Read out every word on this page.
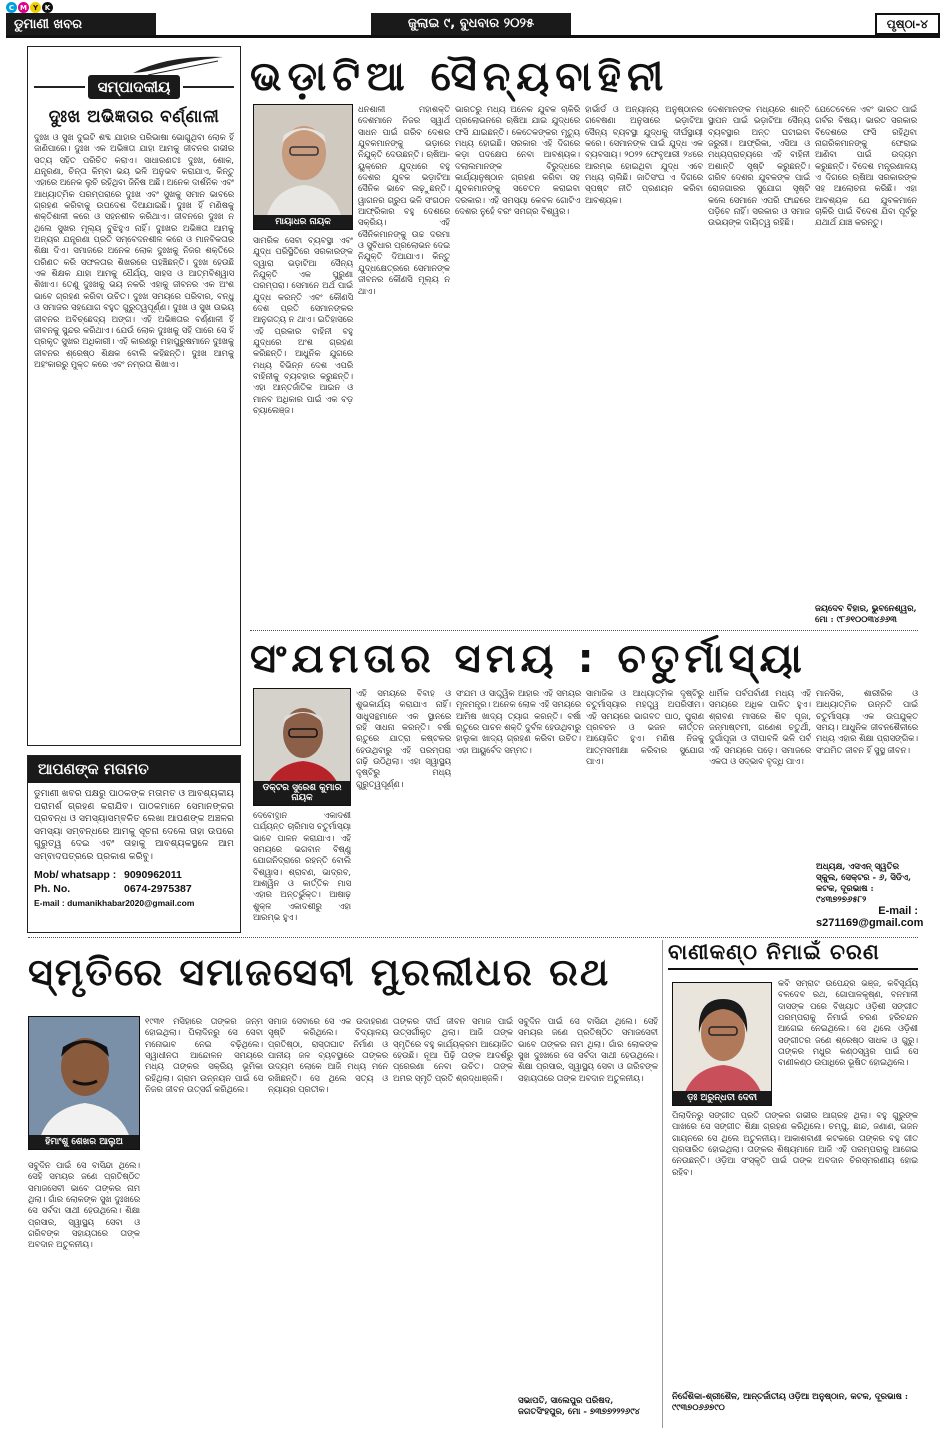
C M Y K
ଡୁମାଣୀ ଖବର	ଜୁଲାଇ ୯, ବୁଧବାର ୨୦୨୫	ପୃଷ୍ଠା-୪
ସମ୍ପାଦକୀୟ
ଦୁଃଖ ଅଭିଜ୍ଞତାର ବର୍ଣ୍ଣାଳୀ
ଦୁଃଖ ଓ ସୁଖ ଦୁଇଟି ଶବ୍ଦ ଯାହାର ପରିଭାଷା ଭୋଗୁଥିବା ଲୋକ ହିଁ ଜାଣିପାରେ। ଦୁଃଖ ଏକ ଅଭିଜ୍ଞତା ଯାହା ଆମକୁ ଜୀବନର ଗଭୀର ସତ୍ୟ ସହିତ ପରିଚିତ କରାଏ। ସାଧାରଣତଃ ଦୁଃଖ, ଶୋକ, ଯନ୍ତ୍ରଣା, ଚିନ୍ତା କିମ୍ବା ଭୟ ଭଳି ଅନୁଭବ କରାଯାଏ, କିନ୍ତୁ ଏହାରେ ଅନେକ ଲୁଚି ରହିଥିବା ଜିନିଷ ଅଛି। ଅନେକ ଦାର୍ଶନିକ ଏବଂ ଆଧ୍ୟାତ୍ମିକ ପରମ୍ପରାରେ ଦୁଃଖ ଏବଂ ସୁଖକୁ ସମାନ ଭାବରେ ଗ୍ରହଣ କରିବାକୁ ଉପଦେଶ ଦିଆଯାଇଛି। ଦୁଃଖ ହିଁ ମଣିଷକୁ ଶକ୍ତିଶାଳୀ କରେ ଓ ସହନଶୀଳ କରିଥାଏ। ଜୀବନରେ ଦୁଃଖ ନ ଥିଲେ ସୁଖର ମୂଲ୍ୟ ବୁଝିହୁଏ ନାହିଁ। ଦୁଃଖର ଅଭିଜ୍ଞତା ଆମକୁ ଅନ୍ୟର ଯନ୍ତ୍ରଣା ପ୍ରତି ସମ୍ବେଦନଶୀଳ କରେ ଓ ମାନବିକତାର ଶିକ୍ଷା ଦିଏ। ସମାଜରେ ଅନେକ ଲୋକ ଦୁଃଖକୁ ନିଜର ଶକ୍ତିରେ ପରିଣତ କରି ସଫଳତାର ଶିଖରରେ ପହଞ୍ଚିଛନ୍ତି। ଦୁଃଖ ହେଉଛି ଏକ ଶିକ୍ଷକ ଯାହା ଆମକୁ ଧୈର୍ଯ୍ୟ, ସାହସ ଓ ଆତ୍ମବିଶ୍ୱାସ ଶିଖାଏ। ତେଣୁ ଦୁଃଖକୁ ଭୟ ନକରି ଏହାକୁ ଜୀବନର ଏକ ଅଂଶ ଭାବେ ଗ୍ରହଣ କରିବା ଉଚିତ। ଦୁଃଖ ସମୟରେ ପରିବାର, ବନ୍ଧୁ ଓ ସମାଜର ସହଯୋଗ ବହୁତ ଗୁରୁତ୍ୱପୂର୍ଣ୍ଣ। ଦୁଃଖ ଓ ସୁଖ ଉଭୟ ଜୀବନର ଅବିଚ୍ଛେଦ୍ୟ ଅଙ୍ଗ। ଏହି ଅଭିଜ୍ଞତାର ବର୍ଣ୍ଣାଳୀ ହିଁ ଜୀବନକୁ ସୁନ୍ଦର କରିଥାଏ। ଯେଉଁ ଲୋକ ଦୁଃଖକୁ ସହି ପାରେ ସେ ହିଁ ପ୍ରକୃତ ସୁଖର ଅଧିକାରୀ। ଏହି କାରଣରୁ ମହାପୁରୁଷମାନେ ଦୁଃଖକୁ ଜୀବନର ଶ୍ରେଷ୍ଠ ଶିକ୍ଷକ ବୋଲି କହିଛନ୍ତି। ଦୁଃଖ ଆମକୁ ଅହଂକାରରୁ ମୁକ୍ତ କରେ ଏବଂ ନମ୍ରତା ଶିଖାଏ।
ଆପଣଙ୍କ ମତାମତ
ଡୁମାଣୀ ଖବର ପକ୍ଷରୁ ପାଠକଙ୍କ ମତାମତ ଓ ଆବଶ୍ୟକୀୟ ପରାମର୍ଶ ଗ୍ରହଣ କରାଯିବ। ପାଠକମାନେ ସେମାନଙ୍କର ପ୍ରବନ୍ଧ ଓ ସମସ୍ୟାସମ୍ବଳିତ ଲେଖା ଆପଣଙ୍କ ଅଞ୍ଚଳର ସମସ୍ୟା ସମ୍ବନ୍ଧରେ ଆମକୁ ସୂଚନା ଦେଲେ ତାହା ଉପରେ ଗୁରୁତ୍ୱ ଦେଇ ଏବଂ ତାହାକୁ ଆବଶ୍ୟକସ୍ଥଳେ ଆମ ସମ୍ବାଦପତ୍ରରେ ପ୍ରକାଶ କରିବୁ।
Mob/ whatsapp : 9090962011
Ph. No.	0674-2975387
E-mail : dumanikhabar2020@gmail.com
ଭଡ଼ାଟିଆ ସୈନ୍ୟବାହିନୀ
ମାୟାଧର ନାୟକ
ସାମରିକ ସେବା ବ୍ୟବସ୍ଥା ଏବଂ ଯୁଦ୍ଧ ପରିସ୍ଥିତିରେ ସରକାରଙ୍କ ଦ୍ୱାରା ଭଡ଼ାଟିଆ ସୈନ୍ୟ ନିଯୁକ୍ତି ଏକ ପୁରୁଣା ପରମ୍ପରା। ସେମାନେ ଅର୍ଥ ପାଇଁ ଯୁଦ୍ଧ କରନ୍ତି ଏବଂ କୌଣସି ଦେଶ ପ୍ରତି ସେମାନଙ୍କର ଆନୁଗତ୍ୟ ନ ଥାଏ। ଇତିହାସରେ ଏହି ପ୍ରକାର ବାହିନୀ ବହୁ ଯୁଦ୍ଧରେ ଅଂଶ ଗ୍ରହଣ କରିଛନ୍ତି। ଆଧୁନିକ ଯୁଗରେ ମଧ୍ୟ ବିଭିନ୍ନ ଦେଶ ଏପରି ବାହିନୀକୁ ବ୍ୟବହାର କରୁଛନ୍ତି। ଏହା ଆନ୍ତର୍ଜାତିକ ଆଇନ ଓ ମାନବ ଅଧିକାର ପାଇଁ ଏକ ବଡ଼ ଚ୍ୟାଲେଞ୍ଜ।
ଧନଶାଳୀ ମହାଶକ୍ତି ଦେଶମାନେ ନିଜର ସ୍ୱାର୍ଥ ସାଧନ ପାଇଁ ଗରିବ ଦେଶର ଯୁବକମାନଙ୍କୁ ଭଡ଼ାରେ ନିଯୁକ୍ତି ଦେଉଛନ୍ତି। ଋଷିଆ-ୟୁକ୍ରେନ ଯୁଦ୍ଧରେ ବହୁ ଦେଶର ଯୁବକ ଭଡ଼ାଟିଆ ସୈନିକ ଭାବେ ଲଢ଼ୁଛନ୍ତି। ୱାଗନର ଗ୍ରୁପ ଭଳି ସଂଗଠନ ଆଫ୍ରିକାର ବହୁ ଦେଶରେ ସକ୍ରିୟ। ଏହି ସୈନିକମାନଙ୍କୁ ଉଚ୍ଚ ଦରମା ଓ ସୁବିଧାର ପ୍ରଲୋଭନ ଦେଇ ନିଯୁକ୍ତି ଦିଆଯାଏ। କିନ୍ତୁ ଯୁଦ୍ଧକ୍ଷେତ୍ରରେ ସେମାନଙ୍କ ଜୀବନର କୌଣସି ମୂଲ୍ୟ ନ ଥାଏ।
ଭାରତରୁ ମଧ୍ୟ ଅନେକ ଯୁବକ ଚାକିରି ପ୍ରଲୋଭନରେ ଋଷିଆ ଯାଇ ଯୁଦ୍ଧରେ ଫସି ଯାଇଛନ୍ତି। କେତେକଙ୍କର ମୃତ୍ୟୁ ମଧ୍ୟ ହୋଇଛି। ସରକାର ଏହି ଦିଗରେ କଡ଼ା ପଦକ୍ଷେପ ନେବା ଆବଶ୍ୟକ। ଦଲାଲମାନଙ୍କ ବିରୁଦ୍ଧରେ କାର୍ଯ୍ୟାନୁଷ୍ଠାନ ଗ୍ରହଣ କରିବା ସହ ଯୁବକମାନଙ୍କୁ ସଚେତନ କରାଇବା ଦରକାର। ଏହି ସମସ୍ୟା କେବଳ ଗୋଟିଏ ଦେଶର ନୁହେଁ ବରଂ ସମଗ୍ର ବିଶ୍ୱର।
ହାର୍ଭାର୍ଡ ଓ ଅନ୍ୟାନ୍ୟ ଅନୁଷ୍ଠାନର ଗବେଷଣା ଅନୁସାରେ ଭଡ଼ାଟିଆ ସୈନ୍ୟ ବ୍ୟବସ୍ଥା ଯୁଦ୍ଧକୁ ଦୀର୍ଘସ୍ଥାୟୀ କରେ। ସେମାନଙ୍କ ପାଇଁ ଯୁଦ୍ଧ ଏକ ବ୍ୟବସାୟ। ୨୦୨୨ ଫେବୃଆରୀ ୨୪ରେ ଆରମ୍ଭ ହୋଇଥିବା ଯୁଦ୍ଧ ଏବେ ମଧ୍ୟ ଚାଲିଛି। ଜାତିସଂଘ ଏ ଦିଗରେ ସ୍ପଷ୍ଟ ନୀତି ପ୍ରଣୟନ କରିବା ଆବଶ୍ୟକ।
ଦେଶମାନଙ୍କ ମଧ୍ୟରେ ଶାନ୍ତି ସ୍ଥାପନ ପାଇଁ ଭଡ଼ାଟିଆ ସୈନ୍ୟ ବ୍ୟବସ୍ଥାର ଅନ୍ତ ଘଟାଇବା ଜରୁରୀ। ଆଫ୍ରିକା, ଏସିଆ ଓ ମଧ୍ୟପ୍ରାଚ୍ୟରେ ଏହି ବାହିନୀ ଅଶାନ୍ତି ସୃଷ୍ଟି କରୁଛନ୍ତି। ଗରିବ ଦେଶର ଯୁବକଙ୍କ ପାଇଁ ରୋଜଗାରର ସୁଯୋଗ ସୃଷ୍ଟି କଲେ ସେମାନେ ଏପରି ଫାନ୍ଦରେ ପଡ଼ିବେ ନାହିଁ। ସରକାର ଓ ସମାଜ ଉଭୟଙ୍କ ଦାୟିତ୍ୱ ରହିଛି।
ଯେତେବେଳେ ଏବଂ ଭାରତ ପାଇଁ ଗର୍ବର ବିଷୟ। ଭାରତ ସରକାର ବିଦେଶରେ ଫସି ରହିଥିବା ନାଗରିକମାନଙ୍କୁ ଫେରାଇ ଆଣିବା ପାଇଁ ଉଦ୍ୟମ କରୁଛନ୍ତି। ବିଦେଶ ମନ୍ତ୍ରଣାଳୟ ଏ ଦିଗରେ ଋଷିଆ ସରକାରଙ୍କ ସହ ଆଲୋଚନା କରିଛି। ଏହା ଆବଶ୍ୟକ ଯେ ଯୁବକମାନେ ଚାକିରି ପାଇଁ ବିଦେଶ ଯିବା ପୂର୍ବରୁ ଯଥାର୍ଥ ଯାଞ୍ଚ କରନ୍ତୁ।
ଜୟଦେବ ବିହାର, ଭୁବନେଶ୍ୱର, ମୋ : ୯୮୬୧୦୦୩୪୬୬୩
ସଂଯମତାର ସମୟ : ଚତୁର୍ମାସ୍ୟା
ଡକ୍ଟର ସୁରେଶ କୁମାର ନାୟକ
ଦେବୋତ୍ଥାନ ଏକାଦଶୀ ପର୍ଯ୍ୟନ୍ତ ଚାରିମାସ ଚତୁର୍ମାସ୍ୟା ଭାବେ ପାଳନ କରାଯାଏ। ଏହି ସମୟରେ ଭଗବାନ ବିଷ୍ଣୁ ଯୋଗନିଦ୍ରାରେ ରହନ୍ତି ବୋଲି ବିଶ୍ୱାସ। ଶ୍ରାବଣ, ଭାଦ୍ରବ, ଆଶ୍ୱିନ ଓ କାର୍ତ୍ତିକ ମାସ ଏହାର ଅନ୍ତର୍ଭୁକ୍ତ। ଆଷାଢ଼ ଶୁକ୍ଳ ଏକାଦଶୀରୁ ଏହା ଆରମ୍ଭ ହୁଏ।
ଏହି ସମୟରେ ବିବାହ ଓ ଶୁଭକାର୍ଯ୍ୟ କରାଯାଏ ନାହିଁ। ସାଧୁସନ୍ଥମାନେ ଏକ ସ୍ଥାନରେ ରହି ସାଧନା କରନ୍ତି। ବର୍ଷା ଋତୁରେ ଯାତ୍ରା କଷ୍ଟକର ହେଉଥିବାରୁ ଏହି ପରମ୍ପରା ଗଢ଼ି ଉଠିଥିଲା। ଏହା ସ୍ୱାସ୍ଥ୍ୟ ଦୃଷ୍ଟିରୁ ମଧ୍ୟ ଗୁରୁତ୍ୱପୂର୍ଣ୍ଣ।
ସଂଯମ ଓ ସାତ୍ତ୍ୱିକ ଆହାର ଏହି ସମୟର ମୂଳମନ୍ତ୍ର। ଅନେକ ଲୋକ ଏହି ସମୟରେ ଆମିଷ ଖାଦ୍ୟ ତ୍ୟାଗ କରନ୍ତି। ବର୍ଷା ଋତୁରେ ପାଚନ ଶକ୍ତି ଦୁର୍ବଳ ହେଉଥିବାରୁ ହାଲୁକା ଖାଦ୍ୟ ଗ୍ରହଣ କରିବା ଉଚିତ। ଏହା ଆୟୁର୍ବେଦ ସମ୍ମତ।
ସାମାଜିକ ଓ ଆଧ୍ୟାତ୍ମିକ ଦୃଷ୍ଟିରୁ ଚତୁର୍ମାସ୍ୟାର ମହତ୍ତ୍ୱ ଅପରିସୀମ। ଏହି ସମୟରେ ଭାଗବତ ପାଠ, ପୁରାଣ ପ୍ରବଚନ ଓ ଭଜନ କୀର୍ତ୍ତନ ଆୟୋଜିତ ହୁଏ। ମଣିଷ ନିଜକୁ ଆତ୍ମସମୀକ୍ଷା କରିବାର ସୁଯୋଗ ପାଏ।
ଧାର୍ମିକ ପର୍ବପର୍ବାଣୀ ମଧ୍ୟ ଏହି ସମୟରେ ଅଧିକ ପାଳିତ ହୁଏ। ଶ୍ରାବଣ ମାସରେ ଶିବ ପୂଜା, ଜନ୍ମାଷ୍ଟମୀ, ଗଣେଶ ଚତୁର୍ଥୀ, ଦୁର୍ଗାପୂଜା ଓ ଦୀପାବଳି ଭଳି ପର୍ବ ଏହି ସମୟରେ ପଡ଼େ। ସମାଜରେ ଏକତା ଓ ସଦ୍ଭାବ ବୃଦ୍ଧି ପାଏ।
ମାନସିକ, ଶାରୀରିକ ଓ ଆଧ୍ୟାତ୍ମିକ ଉନ୍ନତି ପାଇଁ ଚତୁର୍ମାସ୍ୟା ଏକ ଉପଯୁକ୍ତ ସମୟ। ଆଧୁନିକ ଜୀବନଶୈଳୀରେ ମଧ୍ୟ ଏହାର ଶିକ୍ଷା ପ୍ରାସଙ୍ଗିକ। ସଂଯମିତ ଜୀବନ ହିଁ ସୁସ୍ଥ ଜୀବନ।
ଅଧ୍ୟକ୍ଷ, ଏସଏନ୍ ସ୍ୱତିର ସ୍କୁଲ, ସେକ୍ଟର - ୬, ସିଡିଏ, କଟକ, ଦୂରଭାଷ : ୯୪୩୭୨୭୬୫୮୨
E-mail :
s271169@gmail.com
ସ୍ମୃତିରେ ସମାଜସେବୀ ମୁରଲୀଧର ରଥ
ହିମାଂଶୁ ଶେଖର ଆଲୁଅ
ସବୁଦିନ ପାଇଁ ସେ ବାସିନ୍ଦା ଥିଲେ। ସେହି ସମୟର ଜଣେ ପ୍ରତିଷ୍ଠିତ ସମାଜସେବୀ ଭାବେ ତାଙ୍କର ନାମ ଥିଲା। ଗାଁର ଲୋକଙ୍କ ସୁଖ ଦୁଃଖରେ ସେ ସର୍ବଦା ସାଥୀ ହେଉଥିଲେ। ଶିକ୍ଷା ପ୍ରସାର, ସ୍ୱାସ୍ଥ୍ୟ ସେବା ଓ ଗରିବଙ୍କ ସହାୟତାରେ ତାଙ୍କ ଅବଦାନ ଅତୁଳନୀୟ।
୧୯୩୧ ମସିହାରେ ତାଙ୍କର ଜନ୍ମ ହୋଇଥିଲା। ପିଲାଦିନରୁ ସେ ସେବା ମନୋଭାବ ନେଇ ବଢ଼ିଥିଲେ। ସ୍ୱାଧୀନତା ଆନ୍ଦୋଳନ ସମୟରେ ମଧ୍ୟ ତାଙ୍କର ସକ୍ରିୟ ଭୂମିକା ରହିଥିଲା। ଗ୍ରାମ ଉନ୍ନୟନ ପାଇଁ ସେ ନିଜର ଜୀବନ ଉତ୍ସର୍ଗ କରିଥିଲେ।
ସମାଜ ସେବାରେ ସେ ଏକ ଉଦାହରଣ ସୃଷ୍ଟି କରିଥିଲେ। ବିଦ୍ୟାଳୟ ପ୍ରତିଷ୍ଠା, ରାସ୍ତାଘାଟ ନିର୍ମାଣ ଓ ପାନୀୟ ଜଳ ବ୍ୟବସ୍ଥାରେ ତାଙ୍କର ଉଦ୍ୟମ ଲୋକେ ଆଜି ମଧ୍ୟ ମନେ ରଖିଛନ୍ତି। ସେ ଥିଲେ ସତ୍ୟ ଓ ନ୍ୟାୟର ପ୍ରତୀକ।
ତାଙ୍କର ଦୀର୍ଘ ଜୀବନ ସମାଜ ପାଇଁ ଉତ୍ସର୍ଗୀକୃତ ଥିଲା। ଆଜି ତାଙ୍କ ସ୍ମୃତିରେ ବହୁ କାର୍ଯ୍ୟକ୍ରମ ଆୟୋଜିତ ହେଉଛି। ନୂଆ ପିଢ଼ି ତାଙ୍କ ଆଦର୍ଶରୁ ପ୍ରେରଣା ନେବା ଉଚିତ। ତାଙ୍କ ଅମର ସ୍ମୃତି ପ୍ରତି ଶ୍ରଦ୍ଧାଞ୍ଜଳି।
ସବୁଦିନ ପାଇଁ ସେ ବାସିନ୍ଦା ଥିଲେ। ସେହି ସମୟର ଜଣେ ପ୍ରତିଷ୍ଠିତ ସମାଜସେବୀ ଭାବେ ତାଙ୍କର ନାମ ଥିଲା। ଗାଁର ଲୋକଙ୍କ ସୁଖ ଦୁଃଖରେ ସେ ସର୍ବଦା ସାଥୀ ହେଉଥିଲେ। ଶିକ୍ଷା ପ୍ରସାର, ସ୍ୱାସ୍ଥ୍ୟ ସେବା ଓ ଗରିବଙ୍କ ସହାୟତାରେ ତାଙ୍କ ଅବଦାନ ଅତୁଳନୀୟ।
ସଭାପତି, ସାଲେପୁର ପରିଷଦ, ଜଗତସିଂହପୁର, ମୋ - ୭୩୭୭୨୨୨୬୯୪
ବାଣୀକଣ୍ଠ ନିମାଇଁ ଚରଣ
ଡ଼ଃ ଅରୁନ୍ଧତୀ ଦେବୀ
କବି ସମ୍ରାଟ ଉପେନ୍ଦ୍ର ଭଞ୍ଜ, କବିସୂର୍ଯ୍ୟ ବଳଦେବ ରଥ, ଗୋପାଳକୃଷ୍ଣ, ବନମାଳୀ ଦାସଙ୍କ ପରେ ବିଖ୍ୟାତ ଓଡ଼ିଶୀ ସଙ୍ଗୀତ ପରମ୍ପରାକୁ ନିମାଇଁ ଚରଣ ହରିଚନ୍ଦନ ଆଗେଇ ନେଇଥିଲେ। ସେ ଥିଲେ ଓଡ଼ିଶୀ ସଙ୍ଗୀତର ଜଣେ ଶ୍ରେଷ୍ଠ ସାଧକ ଓ ଗୁରୁ। ତାଙ୍କର ମଧୁର କଣ୍ଠସ୍ୱର ପାଇଁ ସେ ବାଣୀକଣ୍ଠ ଉପାଧିରେ ଭୂଷିତ ହୋଇଥିଲେ।
ପିଲାଦିନରୁ ସଙ୍ଗୀତ ପ୍ରତି ତାଙ୍କର ଗଭୀର ଆଗ୍ରହ ଥିଲା। ବହୁ ଗୁରୁଙ୍କ ପାଖରେ ସେ ସଙ୍ଗୀତ ଶିକ୍ଷା ଗ୍ରହଣ କରିଥିଲେ। ଚମ୍ପୁ, ଛାନ୍ଦ, ଜଣାଣ, ଭଜନ ଗାୟନରେ ସେ ଥିଲେ ଅତୁଳନୀୟ। ଆକାଶବାଣୀ କଟକରେ ତାଙ୍କର ବହୁ ଗୀତ ପ୍ରସାରିତ ହୋଇଥିଲା। ତାଙ୍କର ଶିଷ୍ୟମାନେ ଆଜି ଏହି ପରମ୍ପରାକୁ ଆଗେଇ ନେଉଛନ୍ତି। ଓଡ଼ିଆ ସଂସ୍କୃତି ପାଇଁ ତାଙ୍କ ଅବଦାନ ଚିରସ୍ମରଣୀୟ ହୋଇ ରହିବ।
ନିର୍ଦ୍ଦେଶିକା-ଶ୍ରୀଶୈଳ, ଆନ୍ତର୍ଜାତୀୟ ଓଡ଼ିଆ ଅନୁଷ୍ଠାନ, କଟକ, ଦୂରଭାଷ : ୯୯୩୭୦୬୬୭୯୦
